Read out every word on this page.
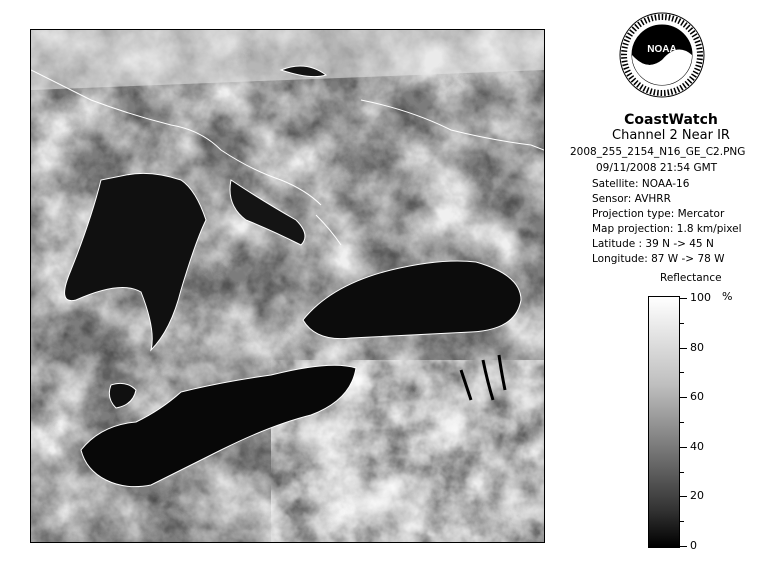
NOAA
CoastWatch
Channel 2 Near IR
2008_255_2154_N16_GE_C2.PNG
09/11/2008 21:54 GMT
Satellite: NOAA-16
Sensor: AVHRR
Projection type: Mercator
Map projection: 1.8 km/pixel
Latitude : 39 N -> 45 N
Longitude: 87 W -> 78 W
Reflectance
%
100
80
60
40
20
0
